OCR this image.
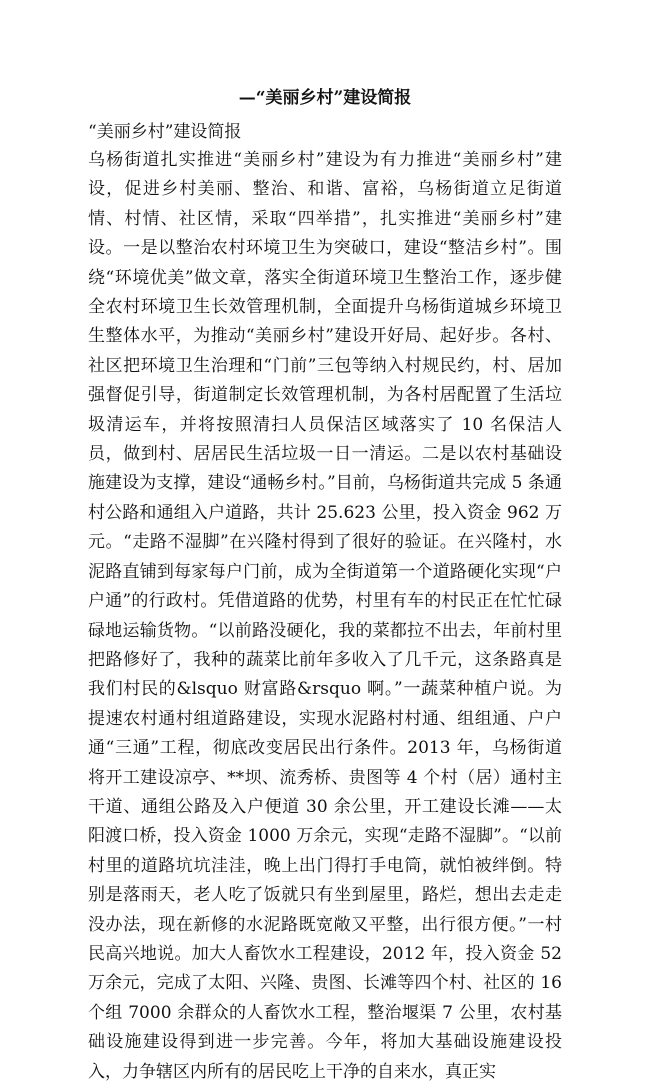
—“美丽乡村”建设简报
“美丽乡村”建设简报
乌杨街道扎实推进“美丽乡村”建设为有力推进“美丽乡村”建设，促进乡村美丽、整治、和谐、富裕，乌杨街道立足街道情、村情、社区情，采取“四举措”，扎实推进“美丽乡村”建设。一是以整治农村环境卫生为突破口，建设“整洁乡村”。围绕“环境优美”做文章，落实全街道环境卫生整治工作，逐步健全农村环境卫生长效管理机制，全面提升乌杨街道城乡环境卫生整体水平，为推动“美丽乡村”建设开好局、起好步。各村、社区把环境卫生治理和“门前”三包等纳入村规民约，村、居加强督促引导，街道制定长效管理机制，为各村居配置了生活垃圾清运车，并将按照清扫人员保洁区域落实了 10 名保洁人员，做到村、居居民生活垃圾一日一清运。二是以农村基础设施建设为支撑，建设“通畅乡村。”目前，乌杨街道共完成 5 条通村公路和通组入户道路，共计 25.623 公里，投入资金 962 万元。“走路不湿脚”在兴隆村得到了很好的验证。在兴隆村，水泥路直铺到每家每户门前，成为全街道第一个道路硬化实现“户户通”的行政村。凭借道路的优势，村里有车的村民正在忙忙碌碌地运输货物。“以前路没硬化，我的菜都拉不出去，年前村里把路修好了，我种的蔬菜比前年多收入了几千元，这条路真是我们村民的&lsquo 财富路&rsquo 啊。”一蔬菜种植户说。为提速农村通村组道路建设，实现水泥路村村通、组组通、户户通“三通”工程，彻底改变居民出行条件。2013 年，乌杨街道将开工建设凉亭、**坝、流秀桥、贵图等 4 个村（居）通村主干道、通组公路及入户便道 30 余公里，开工建设长滩——太阳渡口桥，投入资金 1000 万余元，实现“走路不湿脚”。“以前村里的道路坑坑洼洼，晚上出门得打手电筒，就怕被绊倒。特别是落雨天，老人吃了饭就只有坐到屋里，路烂，想出去走走没办法，现在新修的水泥路既宽敞又平整，出行很方便。”一村民高兴地说。加大人畜饮水工程建设，2012 年，投入资金 52 万余元，完成了太阳、兴隆、贵图、长滩等四个村、社区的 16 个组 7000 余群众的人畜饮水工程，整治堰渠 7 公里，农村基础设施建设得到进一步完善。今年，将加大基础设施建设投入，力争辖区内所有的居民吃上干净的自来水，真正实
